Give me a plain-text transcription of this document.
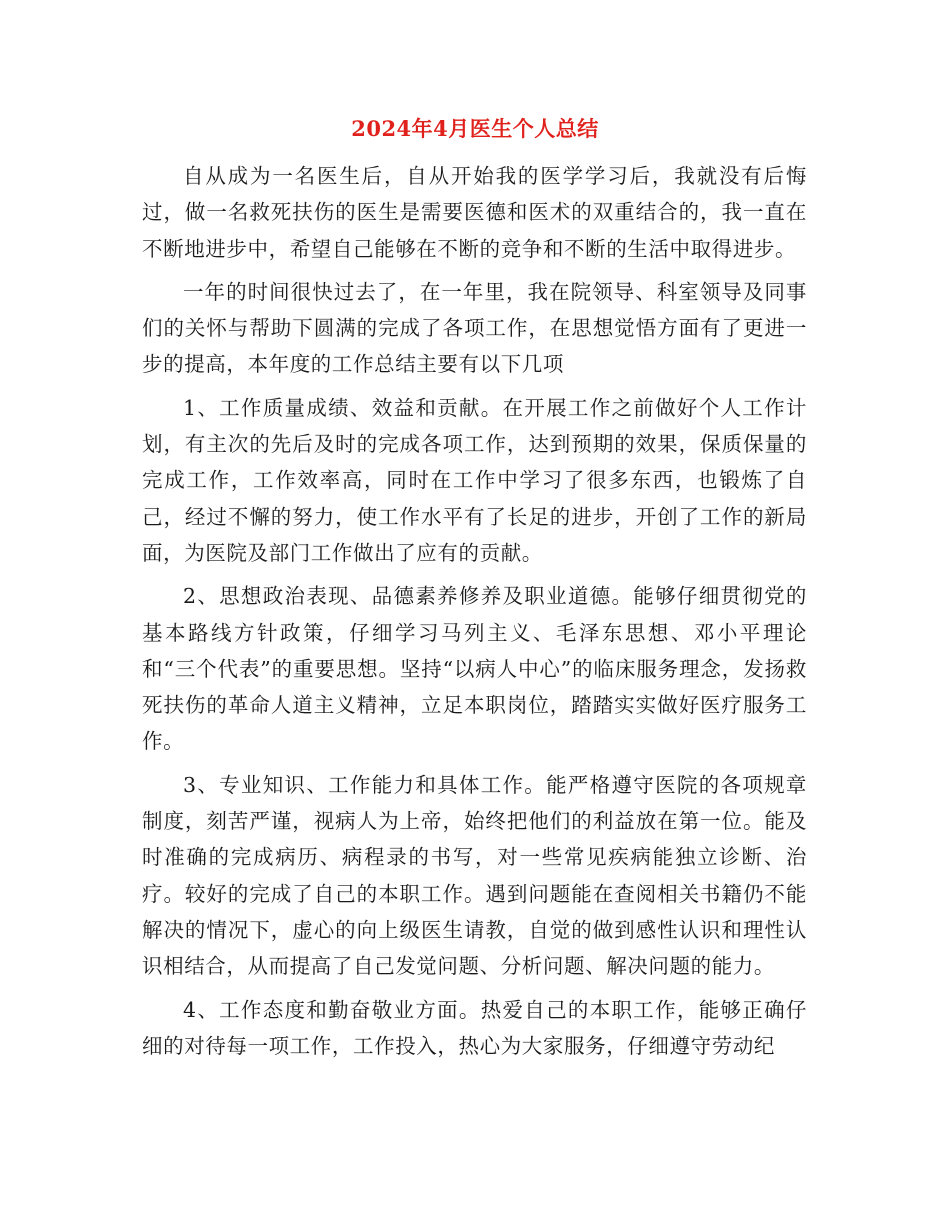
2024年4月医生个人总结

自从成为一名医生后，自从开始我的医学学习后，我就没有后悔过，做一名救死扶伤的医生是需要医德和医术的双重结合的，我一直在不断地进步中，希望自己能够在不断的竞争和不断的生活中取得进步。

一年的时间很快过去了，在一年里，我在院领导、科室领导及同事们的关怀与帮助下圆满的完成了各项工作，在思想觉悟方面有了更进一步的提高，本年度的工作总结主要有以下几项

1、工作质量成绩、效益和贡献。在开展工作之前做好个人工作计划，有主次的先后及时的完成各项工作，达到预期的效果，保质保量的完成工作，工作效率高，同时在工作中学习了很多东西，也锻炼了自己，经过不懈的努力，使工作水平有了长足的进步，开创了工作的新局面，为医院及部门工作做出了应有的贡献。

2、思想政治表现、品德素养修养及职业道德。能够仔细贯彻党的基本路线方针政策，仔细学习马列主义、毛泽东思想、邓小平理论和“三个代表”的重要思想。坚持“以病人中心”的临床服务理念，发扬救死扶伤的革命人道主义精神，立足本职岗位，踏踏实实做好医疗服务工作。

3、专业知识、工作能力和具体工作。能严格遵守医院的各项规章制度，刻苦严谨，视病人为上帝，始终把他们的利益放在第一位。能及时准确的完成病历、病程录的书写，对一些常见疾病能独立诊断、治疗。较好的完成了自己的本职工作。遇到问题能在查阅相关书籍仍不能解决的情况下，虚心的向上级医生请教，自觉的做到感性认识和理性认识相结合，从而提高了自己发觉问题、分析问题、解决问题的能力。

4、工作态度和勤奋敬业方面。热爱自己的本职工作，能够正确仔细的对待每一项工作，工作投入，热心为大家服务，仔细遵守劳动纪
